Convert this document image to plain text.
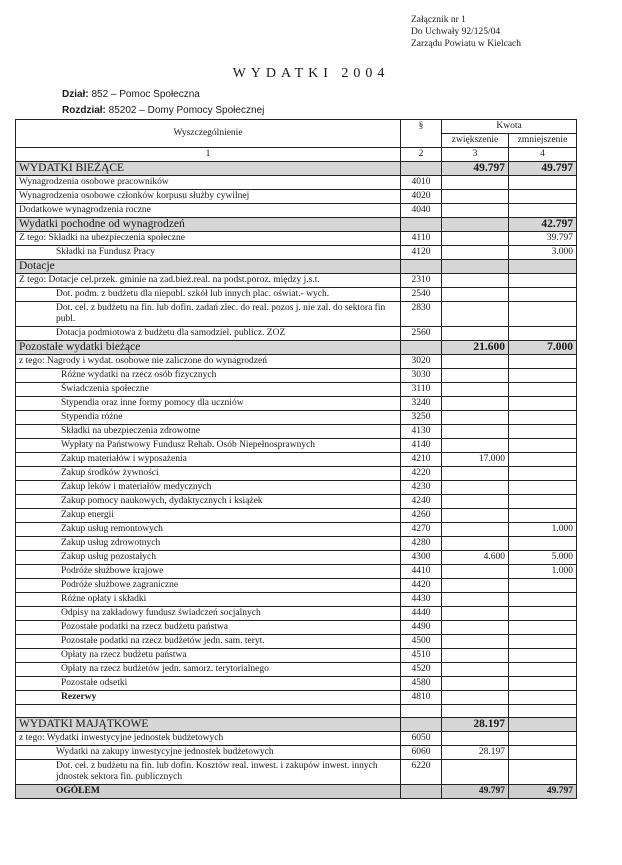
Załącznik nr 1
Do Uchwały 92/125/04
Zarządu Powiatu w Kielcach
WYDATKI 2004
Dział: 852 – Pomoc Społeczna
Rozdział: 85202 – Domy Pomocy Społecznej
Wyszczególnienie	§	Kwota	
		zwiększenie	zmniejszenie
1	2	3	4
WYDATKI BIEŻĄCE		49.797	49.797
Wynagrodzenia osobowe pracowników	4010		
Wynagrodzenia osobowe członków korpusu służby cywilnej	4020		
Dodatkowe wynagrodzenia roczne	4040		
Wydatki pochodne od wynagrodzeń			42.797
Z tego: Składki na ubezpieczenia społeczne	4110		39.797
Składki na Fundusz Pracy	4120		3.000
Dotacje			
Z tego: Dotacje cel.przek. gminie na zad.bież.real. na podst.poroz. między j.s.t.	2310		
Dot. podm. z budżetu dla niepubl. szkół lub innych plac. oświat.- wych.	2540		
Dot. cel. z budżetu na fin. lub dofin. zadań zlec. do real. pozos j. nie zal. do sektora fin publ.	2830		
Dotacja podmiotowa z budżetu dla samodziel. publicz. ZOZ	2560		
Pozostałe wydatki bieżące		21.600	7.000
z tego: Nagrody i wydat. osobowe nie zaliczone do wynagrodzeń	3020		
Różne wydatki na rzecz osób fizycznych	3030		
Świadczenia społeczne	3110		
Stypendia oraz inne formy pomocy dla uczniów	3240		
Stypendia różne	3250		
Składki na ubezpieczenia zdrowotne	4130		
Wypłaty na Państwowy Fundusz Rehab. Osób Niepełnosprawnych	4140		
Zakup materiałów i wyposażenia	4210	17.000	
Zakup środków żywności	4220		
Zakup leków i materiałów medycznych	4230		
Zakup pomocy naukowych, dydaktycznych i książek	4240		
Zakup energii	4260		
Zakup usług remontowych	4270		1.000
Zakup usług zdrowotnych	4280		
Zakup usług pozostałych	4300	4.600	5.000
Podróże służbowe krajowe	4410		1.000
Podróże służbowe zagraniczne	4420		
Różne opłaty i składki	4430		
Odpisy na zakładowy fundusz świadczeń socjalnych	4440		
Pozostałe podatki na rzecz budżetu państwa	4490		
Pozostałe podatki na rzecz budżetów jedn. sam. teryt.	4500		
Opłaty na rzecz budżetu państwa	4510		
Opłaty na rzecz budżetów jedn. samorz. terytorialnego	4520		
Pozostałe odsetki	4580		
Rezerwy	4810		

WYDATKI MAJĄTKOWE		28.197	
z tego: Wydatki inwestycyjne jednostek budżetowych	6050		
Wydatki na zakupy inwestycyjne jednostek budżetowych	6060	28.197	
Dot. cel. z budżetu na fin. lub dofin. Kosztów real. inwest. i zakupów inwest. innych jdnostek sektora fin. publicznych	6220		
OGÓŁEM		49.797	49.797
